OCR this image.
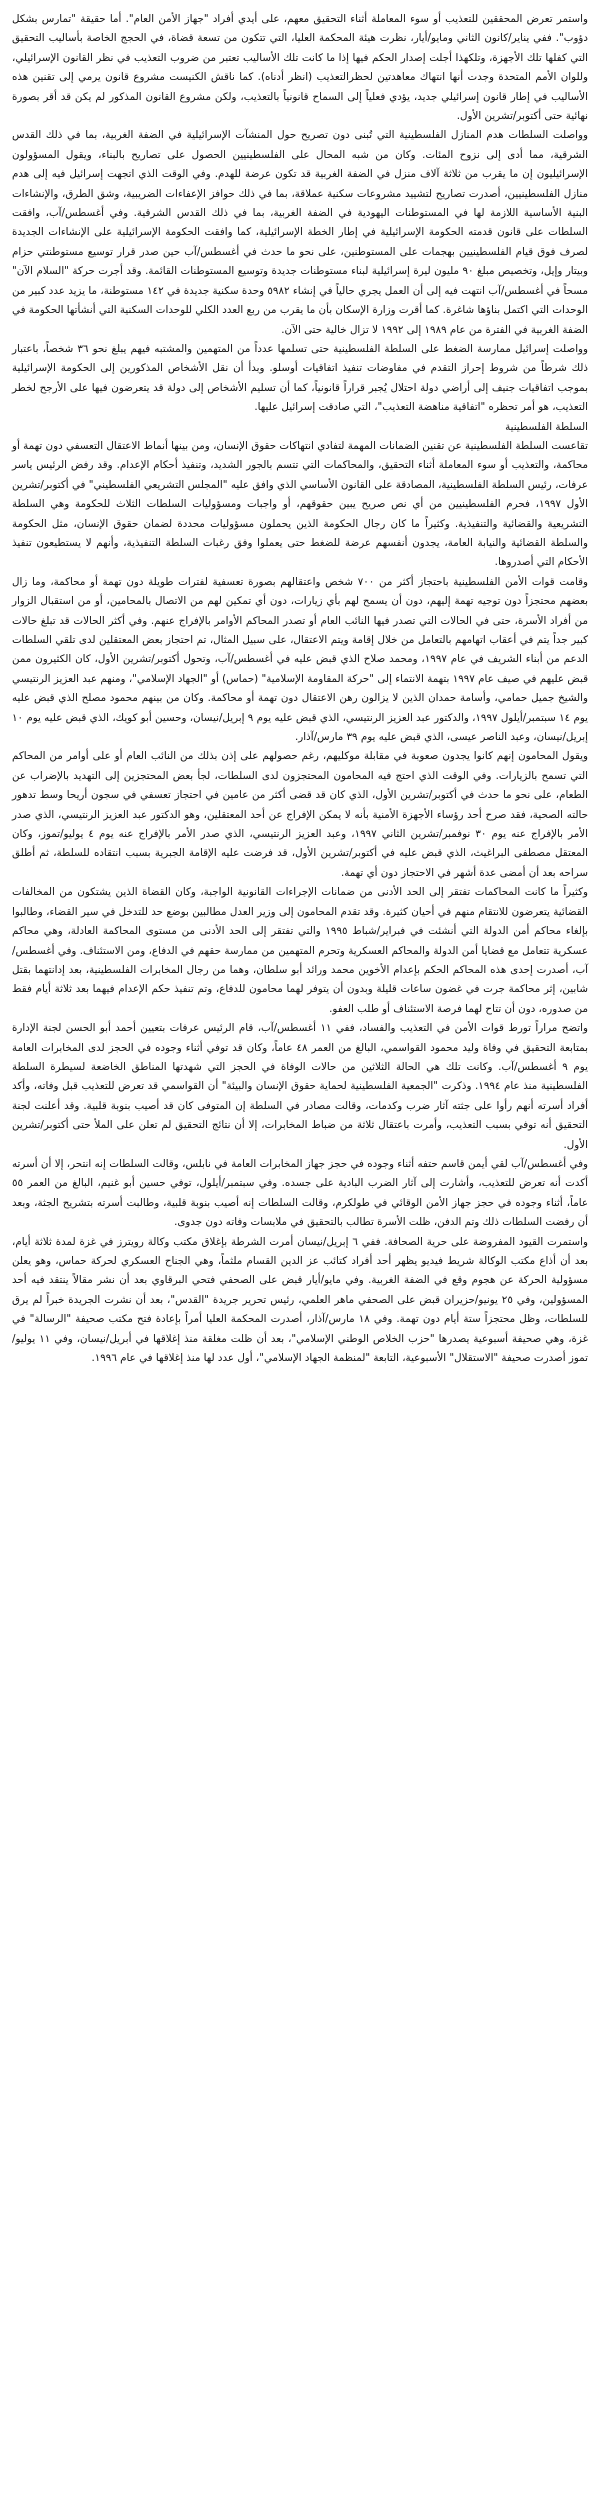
واستمر تعرض المحققين للتعذيب أو سوء المعاملة أثناء التحقيق معهم، على أيدي أفراد "جهاز الأمن العام". أما حقيقة "تمارس بشكل دؤوب". ففي يناير/كانون الثاني ومايو/أيار، نظرت هيئة المحكمة العليا، التي تتكون من تسعة قضاة، في الحجج الخاصة بأساليب التحقيق التي كفلها تلك الأجهزة، وتلكهذا أجلت إصدار الحكم فيها إذا ما كانت تلك الأساليب تعتبر من ضروب التعذيب في نظر القانون الإسرائيلي، وللوان الأمم المتحدة وجدت أنها انتهاك معاهدتين لحظرالتعذيب (انظر أدناه). كما ناقش الكنيست مشروع قانون يرمي إلى تقنين هذه الأساليب في إطار قانون إسرائيلي جديد، يؤدي فعلياً إلى السماح قانونياً بالتعذيب، ولكن مشروع القانون المذكور لم يكن قد أقر بصورة نهائية حتى أكتوبر/تشرين الأول.

وواصلت السلطات هدم المنازل الفلسطينية التي تُبنى دون تصريح حول المنشآت الإسرائيلية في الضفة الغربية، بما في ذلك القدس الشرقية، مما أدى إلى نزوح المئات. وكان من شبه المحال على الفلسطينيين الحصول على تصاريح بالبناء، ويقول المسؤولون الإسرائيليون إن ما يقرب من ثلاثة آلاف منزل في الضفة الغربية قد تكون عرضة للهدم. وفي الوقت الذي اتجهت إسرائيل فيه إلى هدم منازل الفلسطينيين، أصدرت تصاريح لتشييد مشروعات سكنية عملاقة، بما في ذلك حوافز الإعفاءات الضريبية، وشق الطرق، والإنشاءات البنية الأساسية اللازمة لها في المستوطنات اليهودية في الضفة الغربية، بما في ذلك القدس الشرقية. وفي أغسطس/آب، وافقت السلطات على قانون قدمته الحكومة الإسرائيلية في إطار الخطة الإسرائيلية، كما وافقت الحكومة الإسرائيلية على الإنشاءات الجديدة لصرف فوق قيام الفلسطينيين بهجمات على المستوطنين، على نحو ما حدث في أغسطس/آب حين صدر قرار توسيع مستوطنتي حزام وبيتار وإيل، وتخصيص مبلغ ٩٠ مليون ليرة إسرائيلية لبناء مستوطنات جديدة وتوسيع المستوطنات القائمة. وقد أجرت حركة "السلام الآن" مسحاً في أغسطس/آب انتهت فيه إلى أن العمل يجري حالياً في إنشاء ٥٩٨٢ وحدة سكنية جديدة في ١٤٢ مستوطنة، ما يزيد عدد كبير من الوحدات التي اكتمل بناؤها شاغرة. كما أقرت وزارة الإسكان بأن ما يقرب من ربع العدد الكلي للوحدات السكنية التي أنشأتها الحكومة في الضفة الغربية في الفترة من عام ١٩٨٩ إلى ١٩٩٢ لا تزال خالية حتى الآن.

وواصلت إسرائيل ممارسة الضغط على السلطة الفلسطينية حتى تسلمها عدداً من المتهمين والمشتبه فيهم يبلغ نحو ٣٦ شخصاً، باعتبار ذلك شرطاً من شروط إحراز التقدم في مفاوضات تنفيذ اتفاقيات أوسلو. وبدأ أن نقل الأشخاص المذكورين إلى الحكومة الإسرائيلية بموجب اتفاقيات جنيف إلى أراضي دولة احتلال يُجبر قراراً قانونياً، كما أن تسليم الأشخاص إلى دولة قد يتعرضون فيها على الأرجح لخطر التعذيب، هو أمر تحظره "اتفاقية مناهضة التعذيب"، التي صادقت إسرائيل عليها.

السلطة الفلسطينية

تقاعست السلطة الفلسطينية عن تقنين الضمانات المهمة لتفادي انتهاكات حقوق الإنسان، ومن بينها أنماط الاعتقال التعسفي دون تهمة أو محاكمة، والتعذيب أو سوء المعاملة أثناء التحقيق، والمحاكمات التي تتسم بالجور الشديد، وتنفيذ أحكام الإعدام. وقد رفض الرئيس ياسر عرفات، رئيس السلطة الفلسطينية، المصادقة على القانون الأساسي الذي وافق عليه "المجلس التشريعي الفلسطيني" في أكتوبر/تشرين الأول ١٩٩٧، فحرم الفلسطينيين من أي نص صريح يبين حقوقهم، أو واجبات ومسؤوليات السلطات الثلاث للحكومة وهي السلطة التشريعية والقضائية والتنفيذية. وكثيراً ما كان رجال الحكومة الذين يحملون مسؤوليات محددة لضمان حقوق الإنسان، مثل الحكومة والسلطة القضائية والنيابة العامة، يجدون أنفسهم عرضة للضغط حتى يعملوا وفق رغبات السلطة التنفيذية، وأنهم لا يستطيعون تنفيذ الأحكام التي أصدروها.

وقامت قوات الأمن الفلسطينية باحتجاز أكثر من ٧٠٠ شخص واعتقالهم بصورة تعسفية لفترات طويلة دون تهمة أو محاكمة، وما زال بعضهم محتجزاً دون توجيه تهمة إليهم، دون أن يسمح لهم بأي زيارات، دون أي تمكين لهم من الاتصال بالمحامين، أو من استقبال الزوار من أفراد الأسرة، حتى في الحالات التي تصدر فيها النائب العام أو تصدر المحاكم الأوامر بالإفراج عنهم. وفي أكثر الحالات قد تبلغ حالات كبير جداً يتم في أعقاب اتهامهم بالتعامل من خلال إقامة ويتم الاعتقال، على سبيل المثال، تم احتجاز بعض المعتقلين لدى تلقي السلطات الدعم من أبناء الشريف في عام ١٩٩٧، ومحمد صلاح الذي قبض عليه في أغسطس/آب، وتحول أكتوبر/تشرين الأول، كان الكثيرون ممن قبض عليهم في صيف عام ١٩٩٧ بتهمة الانتماء إلى "حركة المقاومة الإسلامية" (حماس) أو "الجهاد الإسلامي"، ومنهم عبد العزيز الرنتيسي والشيخ جميل حمامي، وأسامة حمدان الذين لا يزالون رهن الاعتقال دون تهمة أو محاكمة. وكان من بينهم محمود مصلح الذي قبض عليه يوم ١٤ سبتمبر/أيلول ١٩٩٧، والدكتور عبد العزيز الرنتيسي، الذي قبض عليه يوم ٩ إبريل/نيسان، وحسين أبو كويك، الذي قبض عليه يوم ١٠ إبريل/نيسان، وعبد الناصر عيسى، الذي قبض عليه يوم ٣٩ مارس/آذار.

ويقول المحامون إنهم كانوا يجدون صعوبة في مقابلة موكليهم، رغم حصولهم على إذن بذلك من النائب العام أو على أوامر من المحاكم التي تسمح بالزيارات. وفي الوقت الذي احتج فيه المحامون المحتجزون لدى السلطات، لجأ بعض المحتجزين إلى التهديد بالإضراب عن الطعام، على نحو ما حدث في أكتوبر/تشرين الأول، الذي كان قد قضى أكثر من عامين في احتجاز تعسفي في سجون أريحا وسط تدهور حالته الصحية، فقد صرح أحد رؤساء الأجهزة الأمنية بأنه لا يمكن الإفراج عن أحد المعتقلين، وهو الدكتور عبد العزيز الرنتيسي، الذي صدر الأمر بالإفراج عنه يوم ٣٠ نوفمبر/تشرين الثاني ١٩٩٧، وعبد العزيز الرنتيسي، الذي صدر الأمر بالإفراج عنه يوم ٤ يوليو/تموز، وكان المعتقل مصطفى البراغيث، الذي قبض عليه في أكتوبر/تشرين الأول، قد فرضت عليه الإقامة الجبرية بسبب انتقاده للسلطة، ثم أطلق سراحه بعد أن أمضى عدة أشهر في الاحتجاز دون أي تهمة.

وكثيراً ما كانت المحاكمات تفتقر إلى الحد الأدنى من ضمانات الإجراءات القانونية الواجبة، وكان القضاة الذين يشتكون من المخالفات القضائية يتعرضون للانتقام منهم في أحيان كثيرة. وقد تقدم المحامون إلى وزير العدل مطالبين بوضع حد للتدخل في سير القضاء، وطالبوا بإلغاء محاكم أمن الدولة التي أنشئت في فبراير/شباط ١٩٩٥ والتي تفتقر إلى الحد الأدنى من مستوى المحاكمة العادلة، وهي محاكم عسكرية تتعامل مع قضايا أمن الدولة والمحاكم العسكرية وتحرم المتهمين من ممارسة حقهم في الدفاع، ومن الاستئناف. وفي أغسطس/آب، أصدرت إحدى هذه المحاكم الحكم بإعدام الأخوين محمد ورائد أبو سلطان، وهما من رجال المخابرات الفلسطينية، بعد إدانتهما بقتل شابين، إثر محاكمة جرت في غضون ساعات قليلة وبدون أن يتوفر لهما محامون للدفاع، وتم تنفيذ حكم الإعدام فيهما بعد ثلاثة أيام فقط من صدوره، دون أن تتاح لهما فرصة الاستئناف أو طلب العفو.

واتضح مراراً تورط قوات الأمن في التعذيب والفساد، ففي ١١ أغسطس/آب، قام الرئيس عرفات بتعيين أحمد أبو الحسن لجنة الإدارة بمتابعة التحقيق في وفاة وليد محمود القواسمي، البالغ من العمر ٤٨ عاماً، وكان قد توفي أثناء وجوده في الحجز لدى المخابرات العامة يوم ٩ أغسطس/آب. وكانت تلك هي الحالة الثلاثين من حالات الوفاة في الحجز التي شهدتها المناطق الخاضعة لسيطرة السلطة الفلسطينية منذ عام ١٩٩٤. وذكرت "الجمعية الفلسطينية لحماية حقوق الإنسان والبيئة" أن القواسمي قد تعرض للتعذيب قبل وفاته، وأكد أفراد أسرته أنهم رأوا على جثته آثار ضرب وكدمات، وقالت مصادر في السلطة إن المتوفى كان قد أصيب بنوبة قلبية. وقد أعلنت لجنة التحقيق أنه توفي بسبب التعذيب، وأمرت باعتقال ثلاثة من ضباط المخابرات، إلا أن نتائج التحقيق لم تعلن على الملأ حتى أكتوبر/تشرين الأول.

وفي أغسطس/آب لقي أيمن قاسم حتفه أثناء وجوده في حجز جهاز المخابرات العامة في نابلس، وقالت السلطات إنه انتحر، إلا أن أسرته أكدت أنه تعرض للتعذيب، وأشارت إلى آثار الضرب البادية على جسده. وفي سبتمبر/أيلول، توفي حسين أبو غنيم، البالغ من العمر ٥٥ عاماً، أثناء وجوده في حجز جهاز الأمن الوقائي في طولكرم، وقالت السلطات إنه أصيب بنوبة قلبية، وطالبت أسرته بتشريح الجثة، وبعد أن رفضت السلطات ذلك وتم الدفن، ظلت الأسرة تطالب بالتحقيق في ملابسات وفاته دون جدوى.

واستمرت القيود المفروضة على حرية الصحافة. ففي ٦ إبريل/نيسان أمرت الشرطة بإغلاق مكتب وكالة رويترز في غزة لمدة ثلاثة أيام، بعد أن أذاع مكتب الوكالة شريط فيديو يظهر أحد أفراد كتائب عز الدين القسام ملثماً، وهي الجناح العسكري لحركة حماس، وهو يعلن مسؤولية الحركة عن هجوم وقع في الضفة الغربية. وفي مايو/أيار قبض على الصحفي فتحي البرقاوي بعد أن نشر مقالاً ينتقد فيه أحد المسؤولين، وفي ٢٥ يونيو/حزيران قبض على الصحفي ماهر العلمي، رئيس تحرير جريدة "القدس"، بعد أن نشرت الجريدة خبراً لم يرق للسلطات، وظل محتجزاً ستة أيام دون تهمة. وفي ١٨ مارس/آذار، أصدرت المحكمة العليا أمراً بإعادة فتح مكتب صحيفة "الرسالة" في غزة، وهي صحيفة أسبوعية يصدرها "حزب الخلاص الوطني الإسلامي"، بعد أن ظلت مغلقة منذ إغلاقها في أبريل/نيسان، وفي ١١ يوليو/تموز أصدرت صحيفة "الاستقلال" الأسبوعية، التابعة "لمنظمة الجهاد الإسلامي"، أول عدد لها منذ إغلاقها في عام ١٩٩٦.
